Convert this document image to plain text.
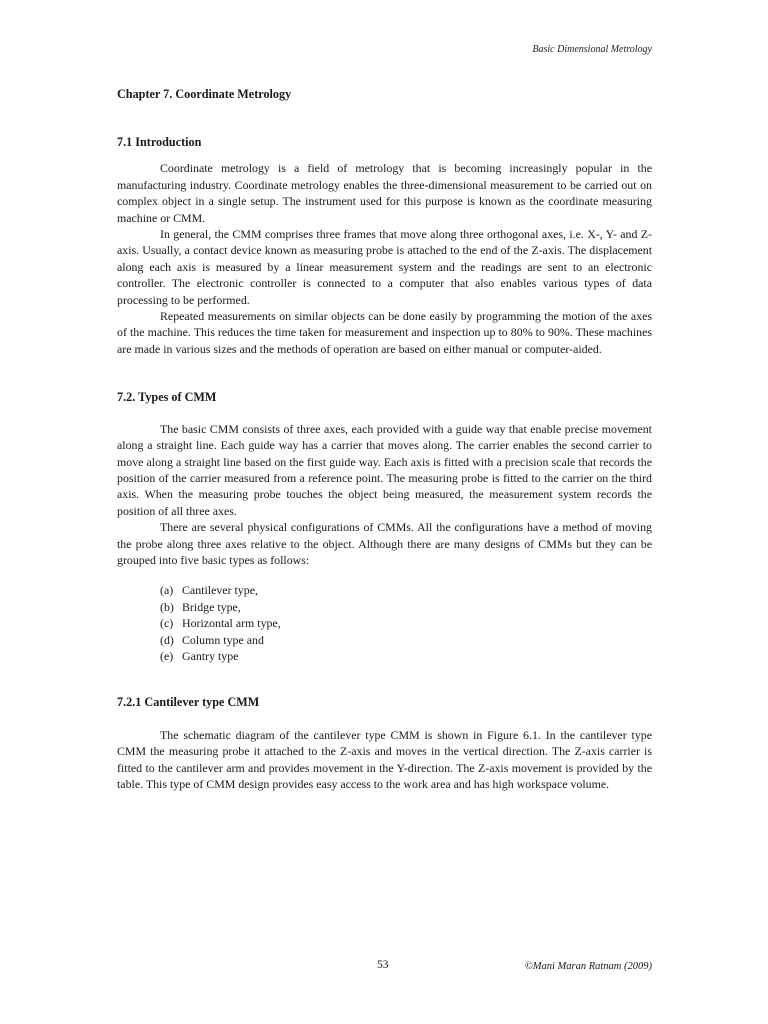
Basic Dimensional Metrology
Chapter 7. Coordinate Metrology
7.1 Introduction

Coordinate metrology is a field of metrology that is becoming increasingly popular in the manufacturing industry. Coordinate metrology enables the three-dimensional measurement to be carried out on complex object in a single setup. The instrument used for this purpose is known as the coordinate measuring machine or CMM.

In general, the CMM comprises three frames that move along three orthogonal axes, i.e. X-, Y- and Z-axis. Usually, a contact device known as measuring probe is attached to the end of the Z-axis. The displacement along each axis is measured by a linear measurement system and the readings are sent to an electronic controller. The electronic controller is connected to a computer that also enables various types of data processing to be performed.

Repeated measurements on similar objects can be done easily by programming the motion of the axes of the machine. This reduces the time taken for measurement and inspection up to 80% to 90%. These machines are made in various sizes and the methods of operation are based on either manual or computer-aided.

7.2. Types of CMM

The basic CMM consists of three axes, each provided with a guide way that enable precise movement along a straight line. Each guide way has a carrier that moves along. The carrier enables the second carrier to move along a straight line based on the first guide way. Each axis is fitted with a precision scale that records the position of the carrier measured from a reference point. The measuring probe is fitted to the carrier on the third axis. When the measuring probe touches the object being measured, the measurement system records the position of all three axes.

There are several physical configurations of CMMs. All the configurations have a method of moving the probe along three axes relative to the object. Although there are many designs of CMMs but they can be grouped into five basic types as follows:

(a) Cantilever type,
(b) Bridge type,
(c) Horizontal arm type,
(d) Column type and
(e) Gantry type
7.2.1 Cantilever type CMM

The schematic diagram of the cantilever type CMM is shown in Figure 6.1. In the cantilever type CMM the measuring probe it attached to the Z-axis and moves in the vertical direction. The Z-axis carrier is fitted to the cantilever arm and provides movement in the Y-direction. The Z-axis movement is provided by the table. This type of CMM design provides easy access to the work area and has high workspace volume.

53	©Mani Maran Ratnam (2009)
